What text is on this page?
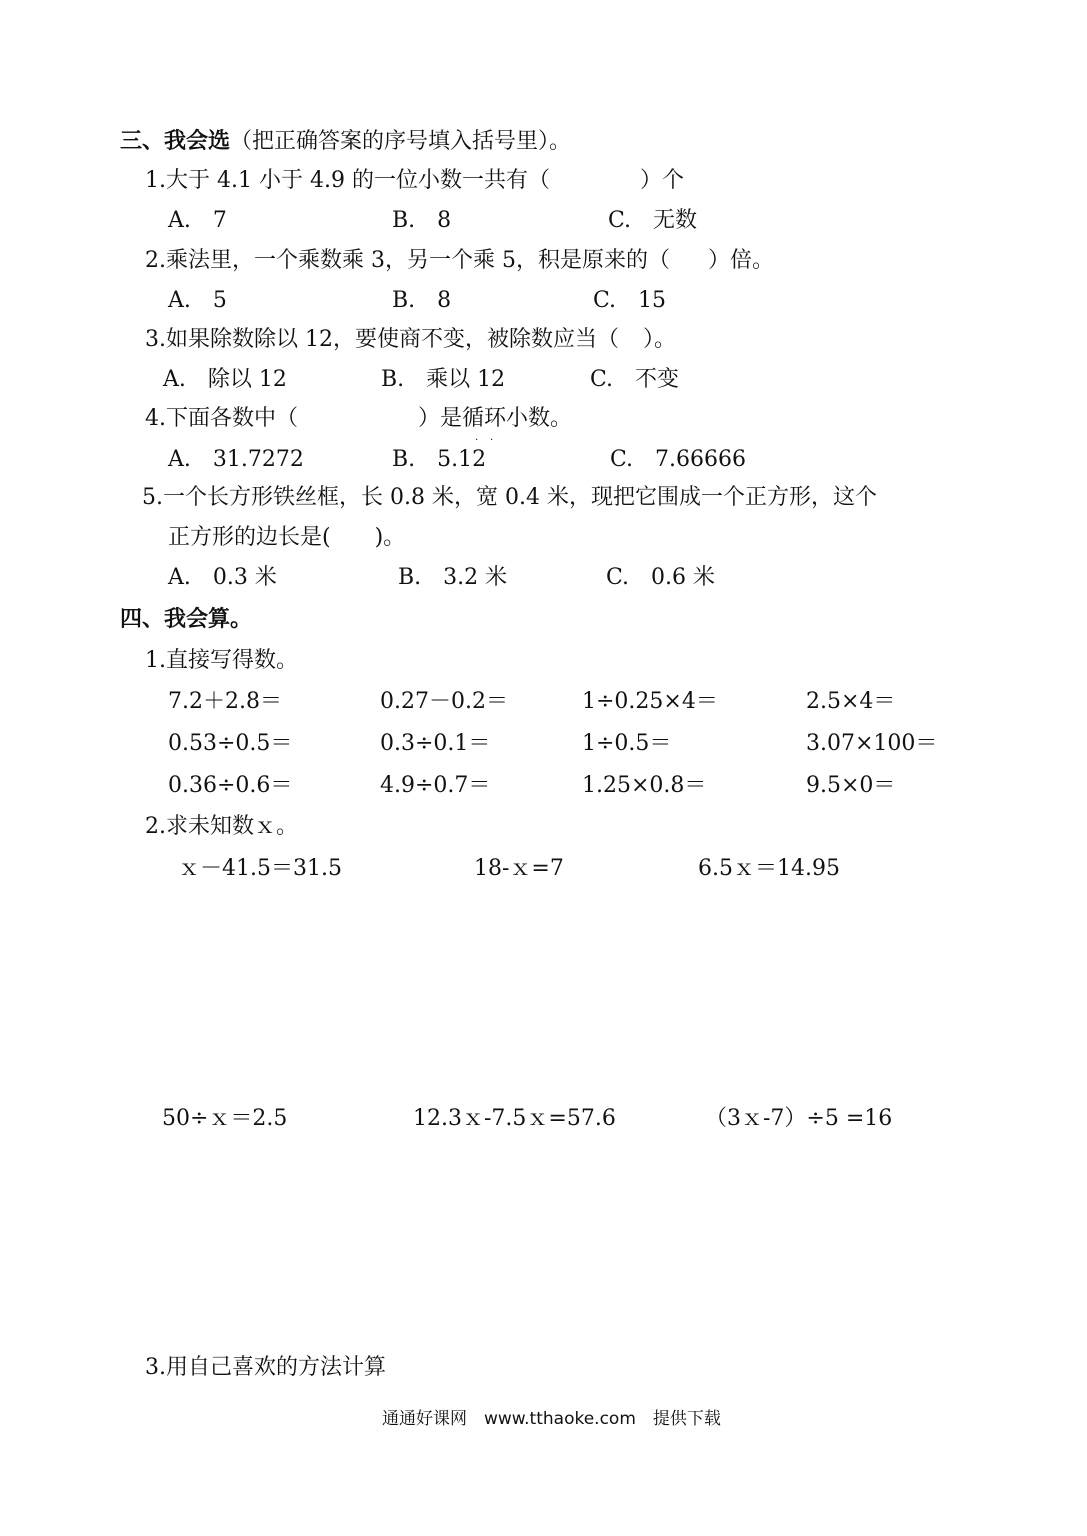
三、我会选（把正确答案的序号填入括号里）。
1.大于 4.1 小于 4.9 的一位小数一共有（	）个
A.　7	B.　8	C.　无数
2.乘法里，一个乘数乘 3，另一个乘 5，积是原来的（ ）倍。
A.　5	B.　8	C.　15
3.如果除数除以 12，要使商不变，被除数应当（ ）。
A.　除以 12	B.　乘以 12	C.　不变
4.下面各数中（	）是循环小数。
· ·
A.　31.7272	B.　5.12	C.　7.66666
5.一个长方形铁丝框，长 0.8 米，宽 0.4 米，现把它围成一个正方形，这个
正方形的边长是(　　)。
A.　0.3 米	B.　3.2 米	C.　0.6 米
四、我会算。
1.直接写得数。
7.2＋2.8＝	0.27－0.2＝	1÷0.25×4＝	2.5×4＝
0.53÷0.5＝	0.3÷0.1＝	1÷0.5＝	3.07×100＝
0.36÷0.6＝	4.9÷0.7＝	1.25×0.8＝	9.5×0＝
2.求未知数ｘ。
ｘ－41.5＝31.5	18-ｘ=7	6.5ｘ＝14.95
50÷ｘ＝2.5	12.3ｘ-7.5ｘ=57.6	（3ｘ-7）÷5 =16
3.用自己喜欢的方法计算
通通好课网　www.tthaoke.com　提供下载
